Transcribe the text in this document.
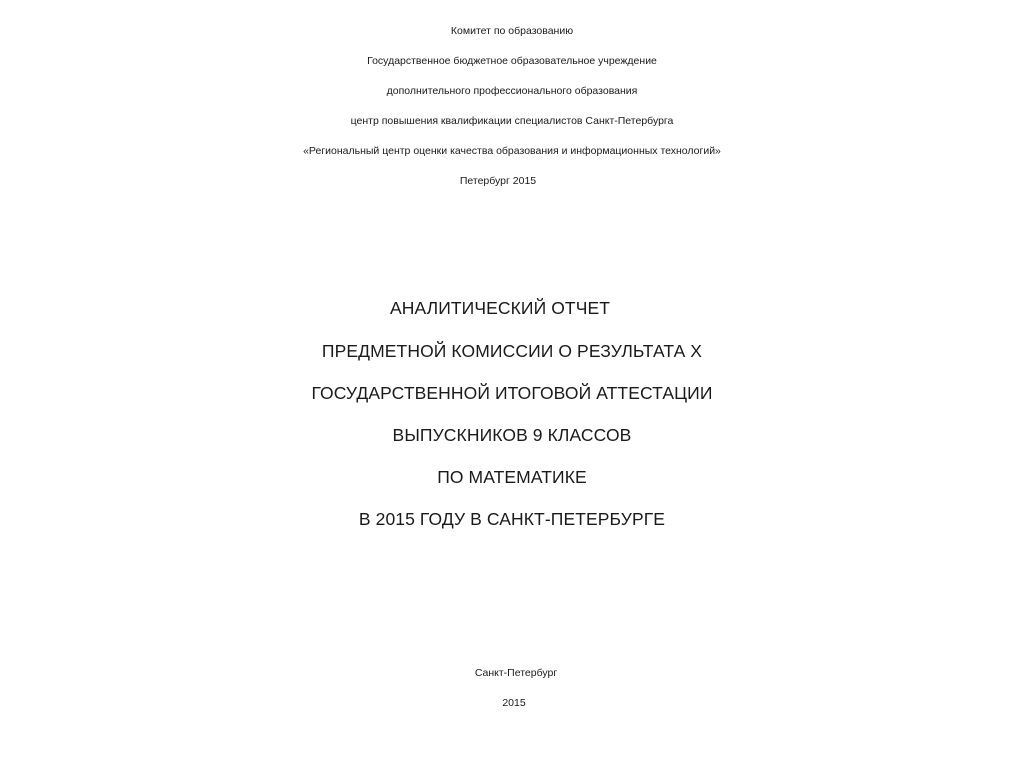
Комитет по образованию
Государственное бюджетное образовательное учреждение
дополнительного профессионального образования
центр повышения квалификации специалистов Санкт-Петербурга
«Региональный центр оценки качества образования и информационных технологий»
Петербург 2015
АНАЛИТИЧЕСКИЙ ОТЧЕТ
ПРЕДМЕТНОЙ КОМИССИИ О РЕЗУЛЬТАТА Х
ГОСУДАРСТВЕННОЙ ИТОГОВОЙ АТТЕСТАЦИИ
ВЫПУСКНИКОВ 9 КЛАССОВ
ПО МАТЕМАТИКЕ
В 2015 ГОДУ В САНКТ-ПЕТЕРБУРГЕ
Санкт-Петербург
2015
